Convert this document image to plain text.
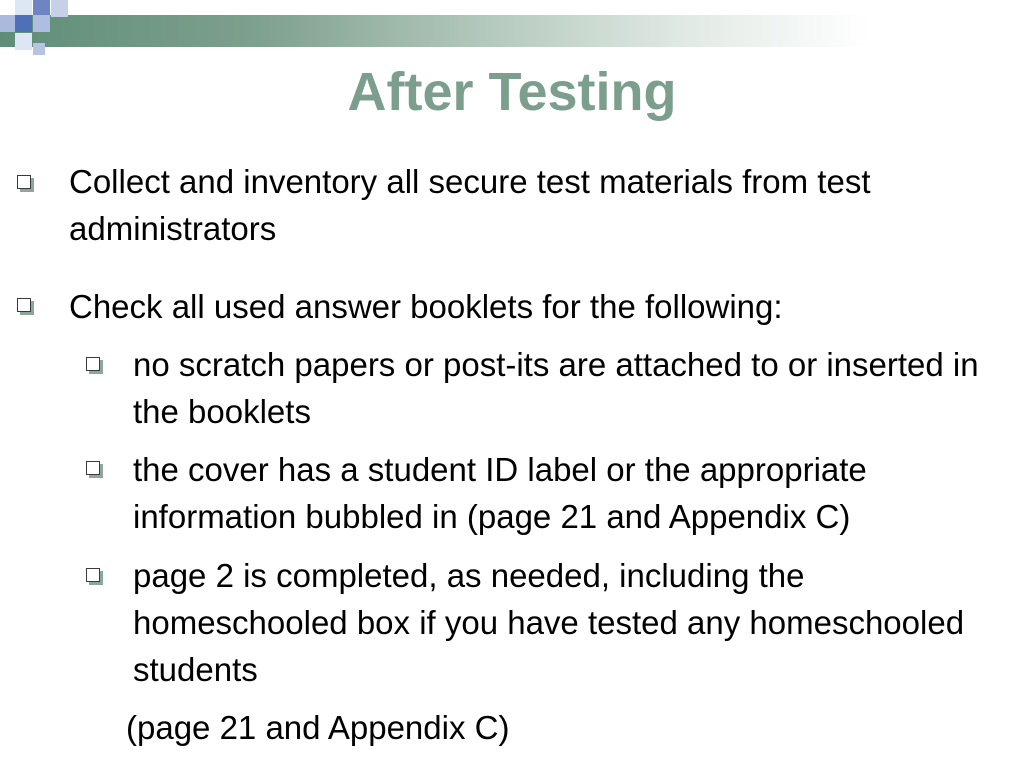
After Testing
Collect and inventory all secure test materials from test administrators
Check all used answer booklets for the following:
no scratch papers or post-its are attached to or inserted in the booklets
the cover has a student ID label or the appropriate information bubbled in (page 21 and Appendix C)
page 2 is completed, as needed, including the homeschooled box if you have tested any homeschooled students
(page 21 and Appendix C)
